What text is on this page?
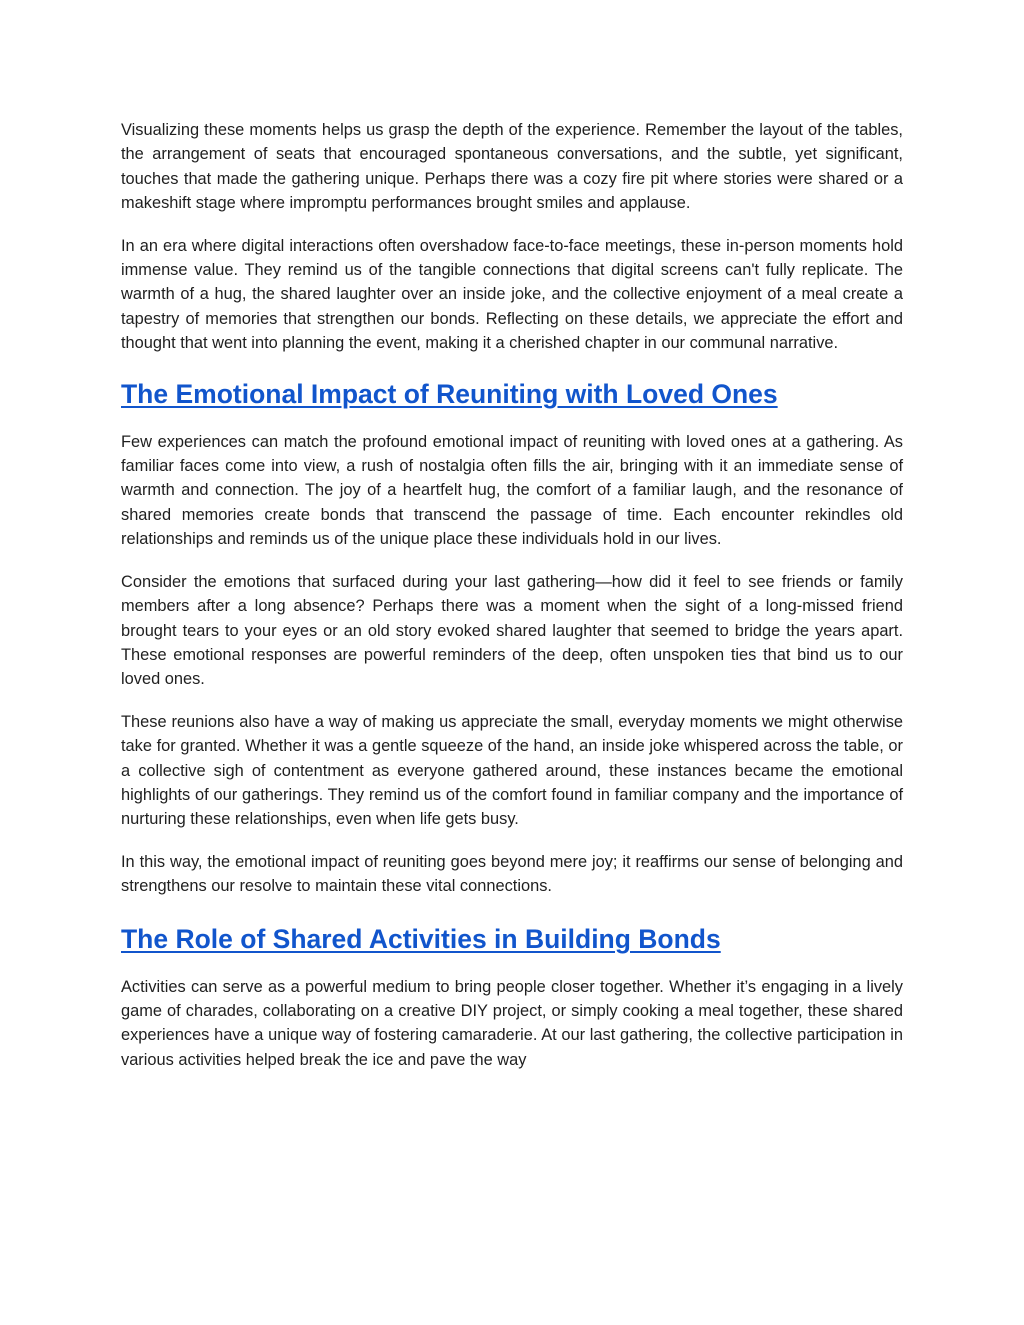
Visualizing these moments helps us grasp the depth of the experience. Remember the layout of the tables, the arrangement of seats that encouraged spontaneous conversations, and the subtle, yet significant, touches that made the gathering unique. Perhaps there was a cozy fire pit where stories were shared or a makeshift stage where impromptu performances brought smiles and applause.

In an era where digital interactions often overshadow face-to-face meetings, these in-person moments hold immense value. They remind us of the tangible connections that digital screens can't fully replicate. The warmth of a hug, the shared laughter over an inside joke, and the collective enjoyment of a meal create a tapestry of memories that strengthen our bonds. Reflecting on these details, we appreciate the effort and thought that went into planning the event, making it a cherished chapter in our communal narrative.

The Emotional Impact of Reuniting with Loved Ones

Few experiences can match the profound emotional impact of reuniting with loved ones at a gathering. As familiar faces come into view, a rush of nostalgia often fills the air, bringing with it an immediate sense of warmth and connection. The joy of a heartfelt hug, the comfort of a familiar laugh, and the resonance of shared memories create bonds that transcend the passage of time. Each encounter rekindles old relationships and reminds us of the unique place these individuals hold in our lives.

Consider the emotions that surfaced during your last gathering—how did it feel to see friends or family members after a long absence? Perhaps there was a moment when the sight of a long-missed friend brought tears to your eyes or an old story evoked shared laughter that seemed to bridge the years apart. These emotional responses are powerful reminders of the deep, often unspoken ties that bind us to our loved ones.

These reunions also have a way of making us appreciate the small, everyday moments we might otherwise take for granted. Whether it was a gentle squeeze of the hand, an inside joke whispered across the table, or a collective sigh of contentment as everyone gathered around, these instances became the emotional highlights of our gatherings. They remind us of the comfort found in familiar company and the importance of nurturing these relationships, even when life gets busy.

In this way, the emotional impact of reuniting goes beyond mere joy; it reaffirms our sense of belonging and strengthens our resolve to maintain these vital connections.

The Role of Shared Activities in Building Bonds

Activities can serve as a powerful medium to bring people closer together. Whether it’s engaging in a lively game of charades, collaborating on a creative DIY project, or simply cooking a meal together, these shared experiences have a unique way of fostering camaraderie. At our last gathering, the collective participation in various activities helped break the ice and pave the way
